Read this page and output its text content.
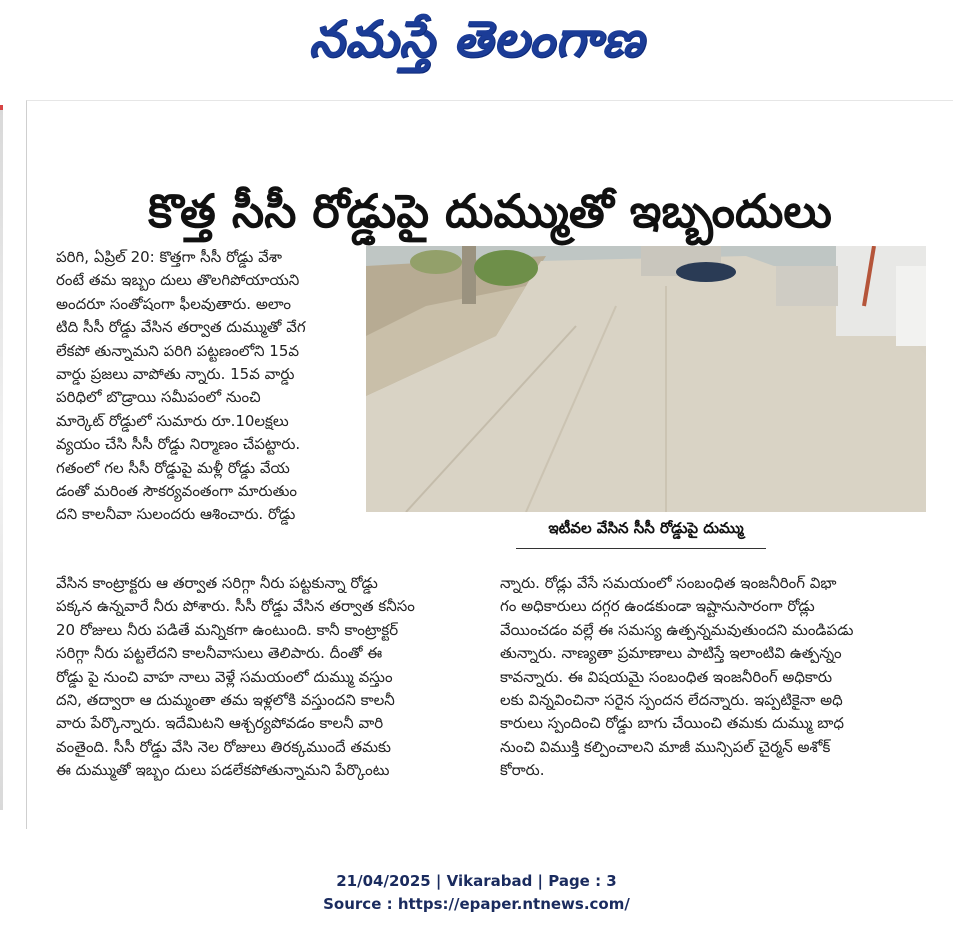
నమస్తే తెలంగాణ
కొత్త సీసీ రోడ్డుపై దుమ్ముతో ఇబ్బందులు
పరిగి, ఏప్రిల్ 20: కొత్తగా సీసీ రోడ్డు వేశా
రంటే తమ ఇబ్బం దులు తొలగిపోయాయని
అందరూ సంతోషంగా ఫీలవుతారు. అలాం
టిది సీసీ రోడ్డు వేసిన తర్వాత దుమ్ముతో వేగ
లేకపో తున్నామని పరిగి పట్టణంలోని 15వ
వార్డు ప్రజలు వాపోతు న్నారు. 15వ వార్డు
పరిధిలో బొడ్రాయి సమీపంలో నుంచి
మార్కెట్ రోడ్డులో సుమారు రూ.10లక్షలు
వ్యయం చేసి సీసీ రోడ్డు నిర్మాణం చేపట్టారు.
గతంలో గల సీసీ రోడ్డుపై మళ్లీ రోడ్డు వేయ
డంతో మరింత సౌకర్యవంతంగా మారుతుం
దని కాలనీవా సులందరు ఆశించారు. రోడ్డు
ఇటీవల వేసిన సీసీ రోడ్డుపై దుమ్ము
వేసిన కాంట్రాక్టరు ఆ తర్వాత సరిగ్గా నీరు పట్టకున్నా రోడ్డు
పక్కన ఉన్నవారే నీరు పోశారు. సీసీ రోడ్డు వేసిన తర్వాత కనీసం
20 రోజులు నీరు పడితే మన్నికగా ఉంటుంది. కానీ కాంట్రాక్టర్
సరిగ్గా నీరు పట్టలేదని కాలనీవాసులు తెలిపారు. దీంతో ఈ
రోడ్డు పై నుంచి వాహ నాలు వెళ్లే సమయంలో దుమ్ము వస్తుం
దని, తద్వారా ఆ దుమ్మంతా తమ ఇళ్లలోకి వస్తుందని కాలనీ
వారు పేర్కొన్నారు. ఇదేమిటని ఆశ్చర్యపోవడం కాలనీ వారి
వంతైంది. సీసీ రోడ్డు వేసి నెల రోజులు తిరక్కముందే తమకు
ఈ దుమ్ముతో ఇబ్బం దులు పడలేకపోతున్నామని పేర్కొంటు
న్నారు. రోడ్లు వేసే సమయంలో సంబంధిత ఇంజనీరింగ్ విభా
గం అధికారులు దగ్గర ఉండకుండా ఇష్టానుసారంగా రోడ్లు
వేయించడం వల్లే ఈ సమస్య ఉత్పన్నమవుతుందని మండిపడు
తున్నారు. నాణ్యతా ప్రమాణాలు పాటిస్తే ఇలాంటివి ఉత్పన్నం
కావన్నారు. ఈ విషయమై సంబంధిత ఇంజనీరింగ్ అధికారు
లకు విన్నవించినా సరైన స్పందన లేదన్నారు. ఇప్పటికైనా అధి
కారులు స్పందించి రోడ్డు బాగు చేయించి తమకు దుమ్ము బాధ
నుంచి విముక్తి కల్పించాలని మాజీ మున్సిపల్ చైర్మన్ అశోక్
కోరారు.
21/04/2025 | Vikarabad | Page : 3
Source : https://epaper.ntnews.com/
